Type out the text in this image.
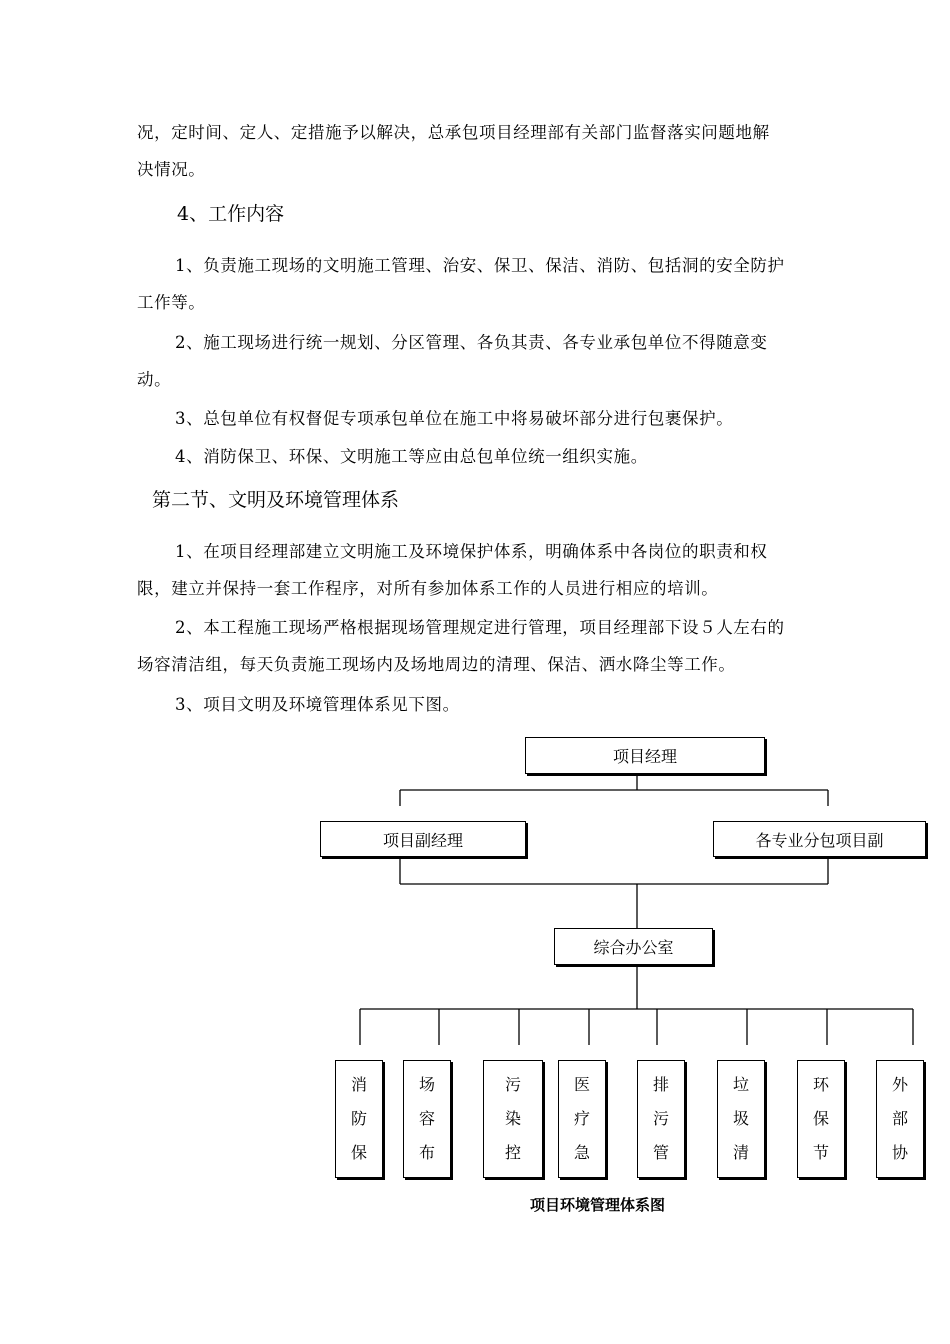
况，定时间、定人、定措施予以解决，总承包项目经理部有关部门监督落实问题地解
决情况。
4、工作内容
1、负责施工现场的文明施工管理、治安、保卫、保洁、消防、包括洞的安全防护
工作等。
2、施工现场进行统一规划、分区管理、各负其责、各专业承包单位不得随意变
动。
3、总包单位有权督促专项承包单位在施工中将易破坏部分进行包裹保护。
4、消防保卫、环保、文明施工等应由总包单位统一组织实施。
第二节、文明及环境管理体系
1、在项目经理部建立文明施工及环境保护体系，明确体系中各岗位的职责和权
限，建立并保持一套工作程序，对所有参加体系工作的人员进行相应的培训。
2、本工程施工现场严格根据现场管理规定进行管理，项目经理部下设５人左右的
场容清洁组，每天负责施工现场内及场地周边的清理、保洁、洒水降尘等工作。
3、项目文明及环境管理体系见下图。
项目经理
项目副经理	各专业分包项目副
综合办公室
消
防
保
场
容
布
污
染
控
医
疗
急
排
污
管
垃
圾
清
环
保
节
外
部
协
项目环境管理体系图
